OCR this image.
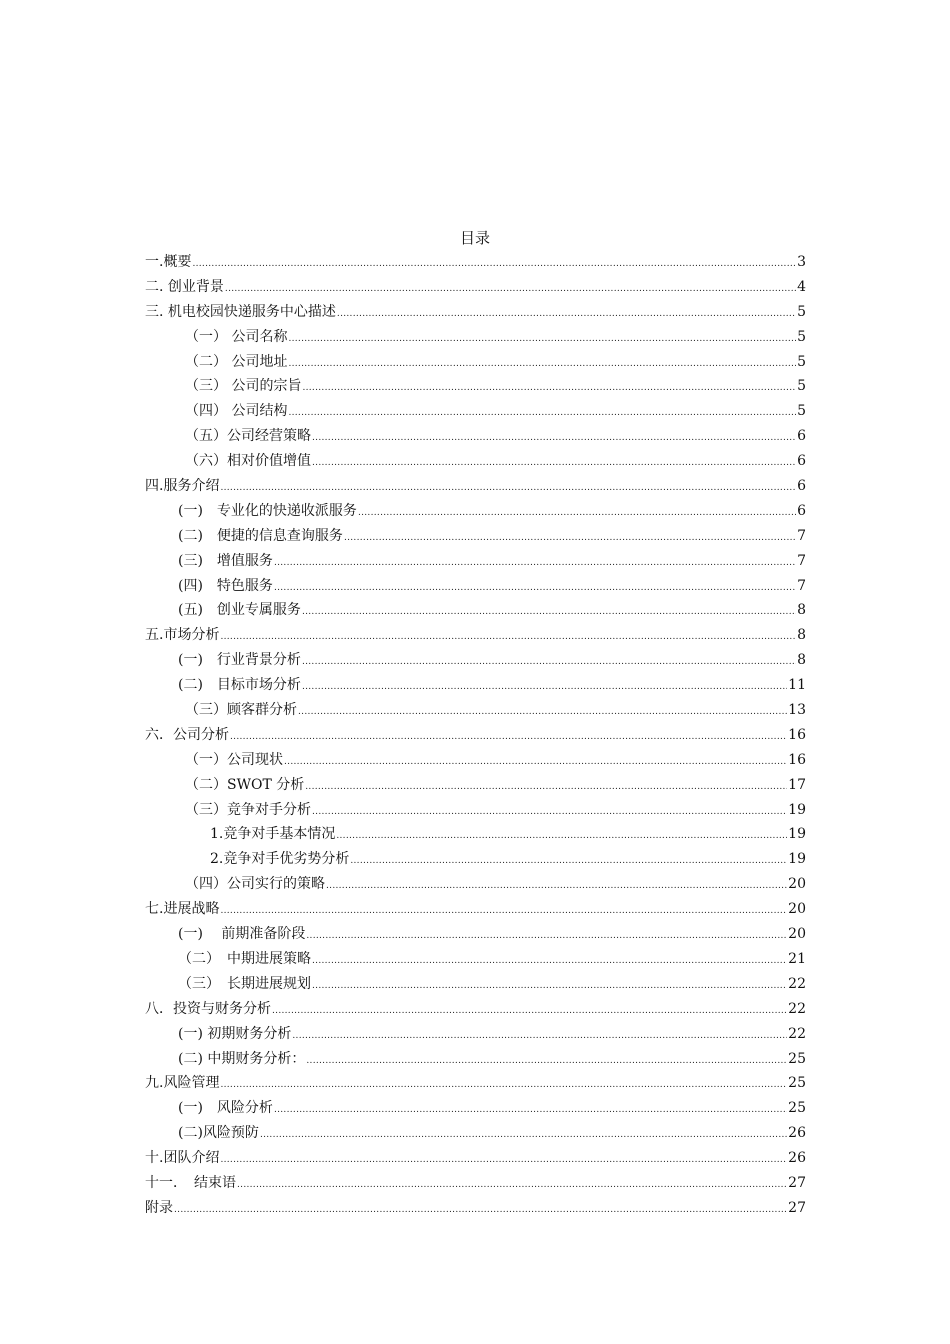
目录
一.概要 .....	3
二. 创业背景 .....	4
三. 机电校园快递服务中心描述 .....	5
（一） 公司名称 .....	5
（二） 公司地址 .....	5
（三） 公司的宗旨 .....	5
（四） 公司结构 .....	5
（五）公司经营策略 .....	6
（六）相对价值增值 .....	6
四.服务介绍 .....	6
(一)　专业化的快递收派服务 .....	6
(二)　便捷的信息查询服务 .....	7
(三)　增值服务 .....	7
(四)　特色服务 .....	7
(五)　创业专属服务 .....	8
五.市场分析 .....	8
(一)　行业背景分析 .....	8
(二)　目标市场分析 .....	11
（三）顾客群分析 .....	13
六．公司分析 .....	16
（一）公司现状 .....	16
（二）SWOT 分析 .....	17
（三）竞争对手分析 .....	19
1.竞争对手基本情况 .....	19
2.竞争对手优劣势分析 .....	19
（四）公司实行的策略 .....	20
七.进展战略 .....	20
(一)　 前期准备阶段 .....	20
（二）　中期进展策略 .....	21
（三）　长期进展规划 .....	22
八．投资与财务分析 .....	22
(一) 初期财务分析 .....	22
(二) 中期财务分析： .....	25
九.风险管理 .....	25
(一)　风险分析 .....	25
(二)风险预防 .....	26
十.团队介绍 .....	26
十一．　结束语 .....	27
附录 .....	27
